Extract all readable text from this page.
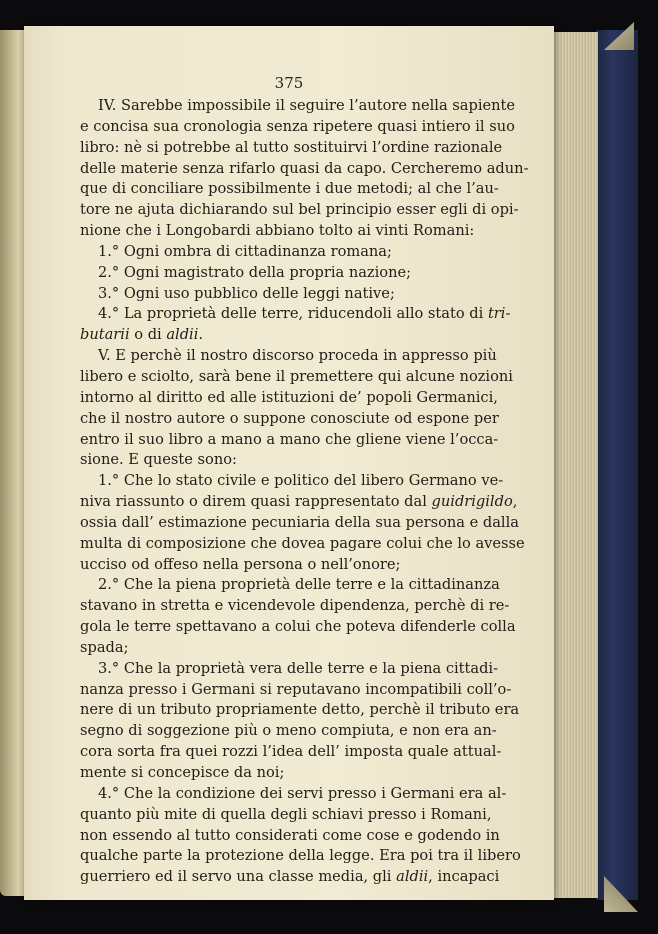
375
IV. Sarebbe impossibile il seguire l’autore nella sapiente
e concisa sua cronologia senza ripetere quasi intiero il suo
libro: nè si potrebbe al tutto sostituirvi l’ordine razionale
delle materie senza rifarlo quasi da capo. Cercheremo adun-
que di conciliare possibilmente i due metodi; al che l’au-
tore ne ajuta dichiarando sul bel principio esser egli di opi-
nione che i Longobardi abbiano tolto ai vinti Romani:
1.° Ogni ombra di cittadinanza romana;
2.° Ogni magistrato della propria nazione;
3.° Ogni uso pubblico delle leggi native;
4.° La proprietà delle terre, riducendoli allo stato di tri-
butarii o di aldii.
V. E perchè il nostro discorso proceda in appresso più
libero e sciolto, sarà bene il premettere qui alcune nozioni
intorno al diritto ed alle istituzioni de’ popoli Germanici,
che il nostro autore o suppone conosciute od espone per
entro il suo libro a mano a mano che gliene viene l’occa-
sione. E queste sono:
1.° Che lo stato civile e politico del libero Germano ve-
niva riassunto o direm quasi rappresentato dal guidrigildo,
ossia dall’ estimazione pecuniaria della sua persona e dalla
multa di composizione che dovea pagare colui che lo avesse
ucciso od offeso nella persona o nell’onore;
2.° Che la piena proprietà delle terre e la cittadinanza
stavano in stretta e vicendevole dipendenza, perchè di re-
gola le terre spettavano a colui che poteva difenderle colla
spada;
3.° Che la proprietà vera delle terre e la piena cittadi-
nanza presso i Germani si reputavano incompatibili coll’o-
nere di un tributo propriamente detto, perchè il tributo era
segno di soggezione più o meno compiuta, e non era an-
cora sorta fra quei rozzi l’idea dell’ imposta quale attual-
mente si concepisce da noi;
4.° Che la condizione dei servi presso i Germani era al-
quanto più mite di quella degli schiavi presso i Romani,
non essendo al tutto considerati come cose e godendo in
qualche parte la protezione della legge. Era poi tra il libero
guerriero ed il servo una classe media, gli aldii, incapaci
